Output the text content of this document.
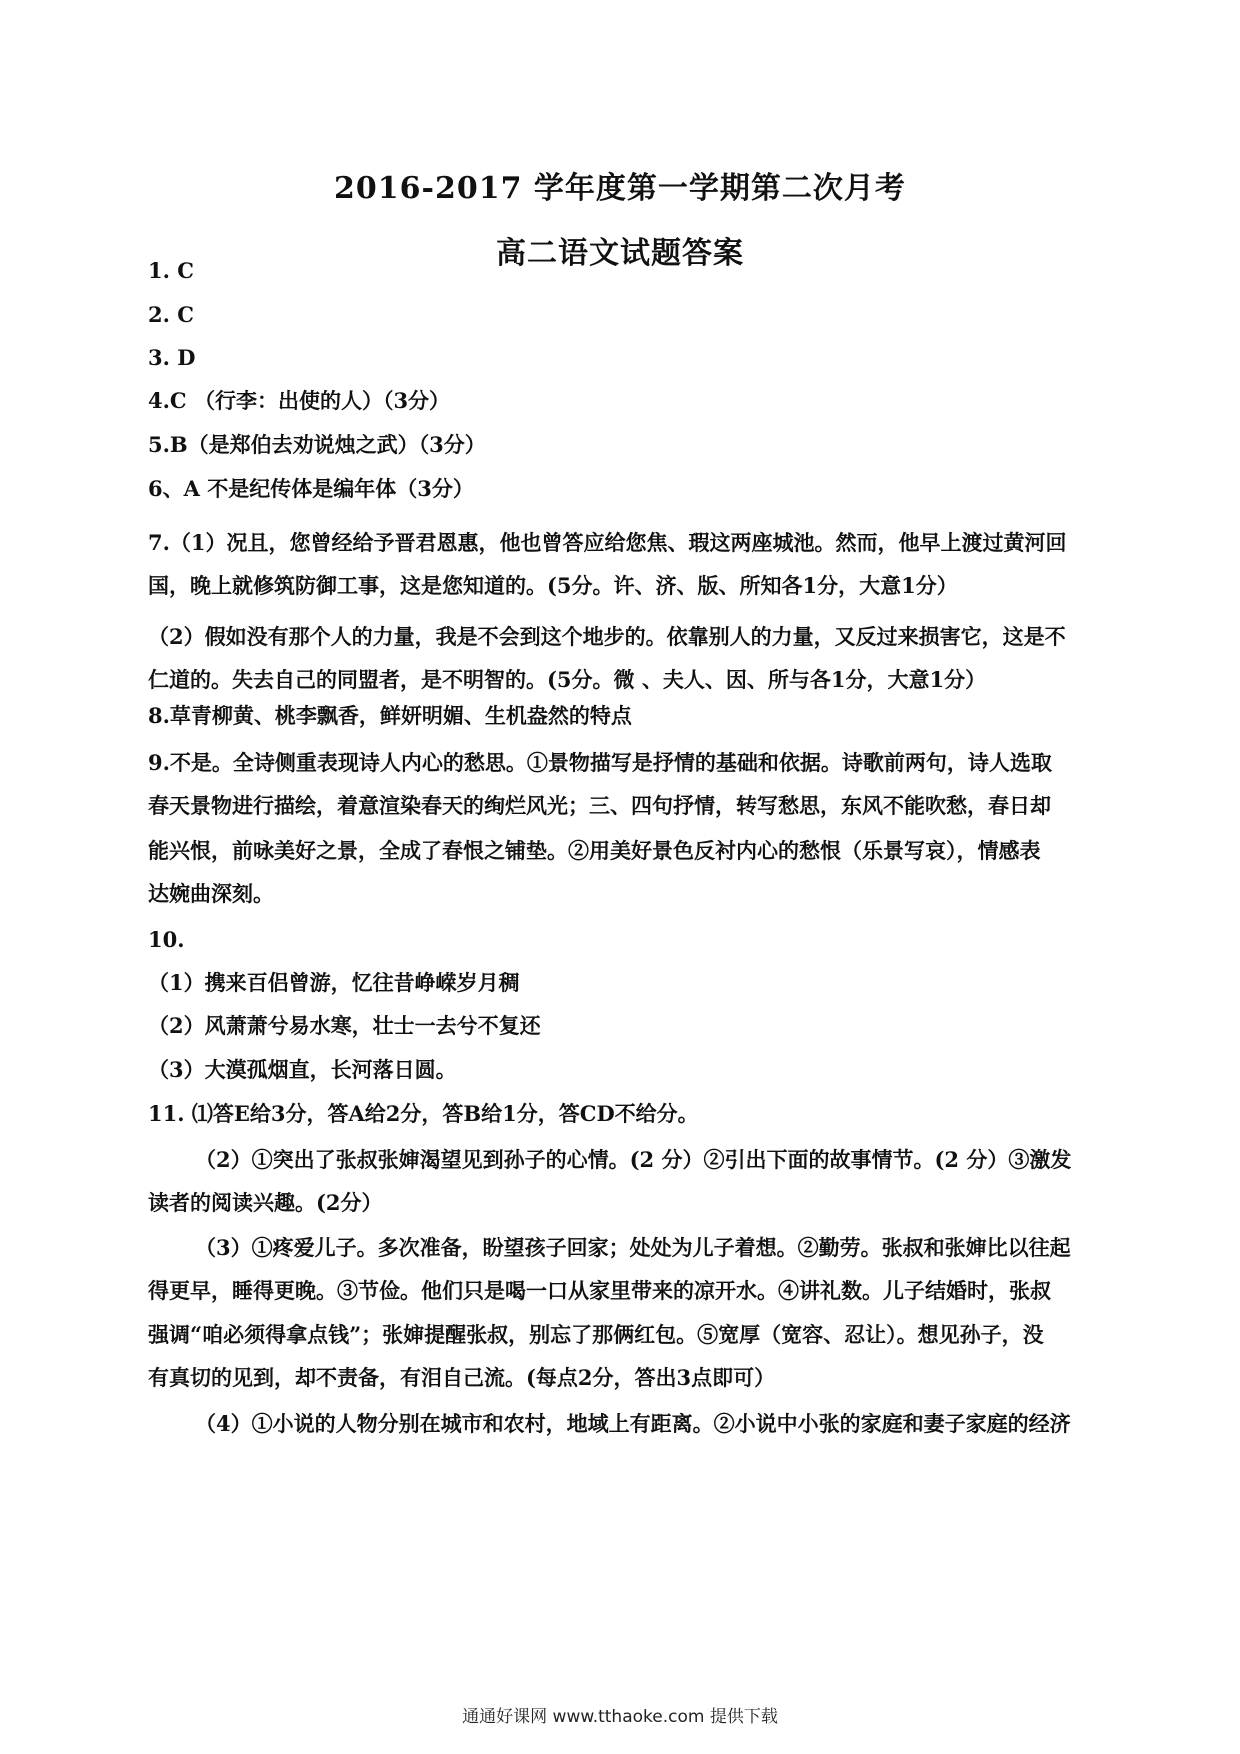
2016-2017 学年度第一学期第二次月考
高二语文试题答案
1. C
2. C
3. D
4.C （行李：出使的人）（3分）
5.B（是郑伯去劝说烛之武）（3分）
6、A 不是纪传体是编年体（3分）
7.（1）况且，您曾经给予晋君恩惠，他也曾答应给您焦、瑕这两座城池。然而，他早上渡过黄河回
国，晚上就修筑防御工事，这是您知道的。(5分。许、济、版、所知各1分，大意1分）
（2）假如没有那个人的力量，我是不会到这个地步的。依靠别人的力量，又反过来损害它，这是不
仁道的。失去自己的同盟者，是不明智的。(5分。微 、夫人、因、所与各1分，大意1分）
8.草青柳黄、桃李飘香，鲜妍明媚、生机盎然的特点
9.不是。全诗侧重表现诗人内心的愁思。①景物描写是抒情的基础和依据。诗歌前两句，诗人选取
春天景物进行描绘，着意渲染春天的绚烂风光；三、四句抒情，转写愁思，东风不能吹愁，春日却
能兴恨，前咏美好之景，全成了春恨之铺垫。②用美好景色反衬内心的愁恨（乐景写哀），情感表
达婉曲深刻。
10.
（1）携来百侣曾游，忆往昔峥嵘岁月稠
（2）风萧萧兮易水寒，壮士一去兮不复还
（3）大漠孤烟直，长河落日圆。
11. ⑴答E给3分，答A给2分，答B给1分，答CD不给分。
（2）①突出了张叔张婶渴望见到孙子的心情。(2 分）②引出下面的故事情节。(2 分）③激发
读者的阅读兴趣。(2分）
（3）①疼爱儿子。多次准备，盼望孩子回家；处处为儿子着想。②勤劳。张叔和张婶比以往起
得更早，睡得更晚。③节俭。他们只是喝一口从家里带来的凉开水。④讲礼数。儿子结婚时，张叔
强调“咱必须得拿点钱”；张婶提醒张叔，别忘了那俩红包。⑤宽厚（宽容、忍让）。想见孙子，没
有真切的见到，却不责备，有泪自己流。(每点2分，答出3点即可）
（4）①小说的人物分别在城市和农村，地域上有距离。②小说中小张的家庭和妻子家庭的经济
通通好课网 www.tthaoke.com 提供下载
